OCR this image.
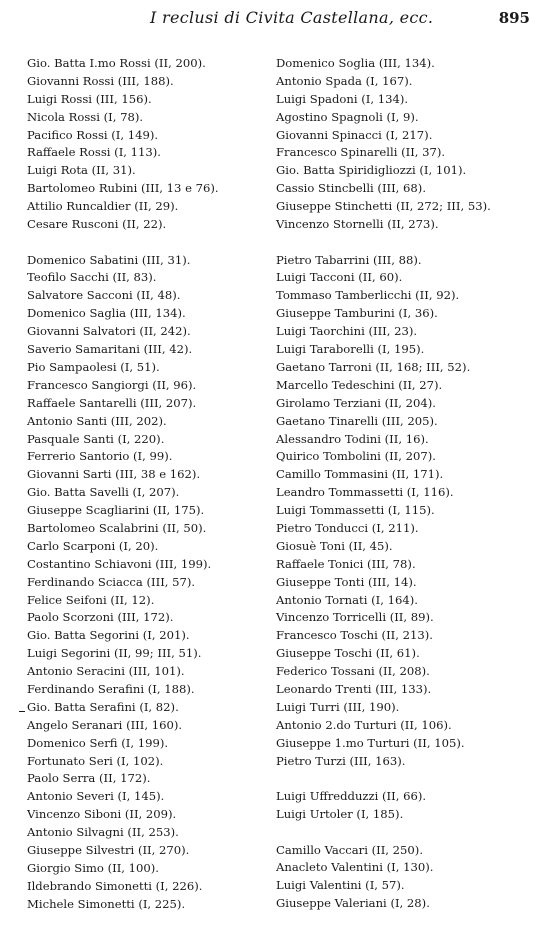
I reclusi di Civita Castellana, ecc.	895
Gio. Batta I.mo Rossi (II, 200).
Giovanni Rossi (III, 188).
Luigi Rossi (III, 156).
Nicola Rossi (I, 78).
Pacifico Rossi (I, 149).
Raffaele Rossi (I, 113).
Luigi Rota (II, 31).
Bartolomeo Rubini (III, 13 e 76).
Attilio Runcaldier (II, 29).
Cesare Rusconi (II, 22).
Domenico Sabatini (III, 31).
Teofilo Sacchi (II, 83).
Salvatore Sacconi (II, 48).
Domenico Saglia (III, 134).
Giovanni Salvatori (II, 242).
Saverio Samaritani (III, 42).
Pio Sampaolesi (I, 51).
Francesco Sangiorgi (II, 96).
Raffaele Santarelli (III, 207).
Antonio Santi (III, 202).
Pasquale Santi (I, 220).
Ferrerio Santorio (I, 99).
Giovanni Sarti (III, 38 e 162).
Gio. Batta Savelli (I, 207).
Giuseppe Scagliarini (II, 175).
Bartolomeo Scalabrini (II, 50).
Carlo Scarponi (I, 20).
Costantino Schiavoni (III, 199).
Ferdinando Sciacca (III, 57).
Felice Seifoni (II, 12).
Paolo Scorzoni (III, 172).
Gio. Batta Segorini (I, 201).
Luigi Segorini (II, 99; III, 51).
Antonio Seracini (III, 101).
Ferdinando Serafini (I, 188).
Gio. Batta Serafini (I, 82).
Angelo Seranari (III, 160).
Domenico Serfi (I, 199).
Fortunato Seri (I, 102).
Paolo Serra (II, 172).
Antonio Severi (I, 145).
Vincenzo Siboni (II, 209).
Antonio Silvagni (II, 253).
Giuseppe Silvestri (II, 270).
Giorgio Simo (II, 100).
Ildebrando Simonetti (I, 226).
Michele Simonetti (I, 225).
Domenico Soglia (III, 134).
Antonio Spada (I, 167).
Luigi Spadoni (I, 134).
Agostino Spagnoli (I, 9).
Giovanni Spinacci (I, 217).
Francesco Spinarelli (II, 37).
Gio. Batta Spiridigliozzi (I, 101).
Cassio Stincbelli (III, 68).
Giuseppe Stinchetti (II, 272; III, 53).
Vincenzo Stornelli (II, 273).
Pietro Tabarrini (III, 88).
Luigi Tacconi (II, 60).
Tommaso Tamberlicchi (II, 92).
Giuseppe Tamburini (I, 36).
Luigi Taorchini (III, 23).
Luigi Taraborelli (I, 195).
Gaetano Tarroni (II, 168; III, 52).
Marcello Tedeschini (II, 27).
Girolamo Terziani (II, 204).
Gaetano Tinarelli (III, 205).
Alessandro Todini (II, 16).
Quirico Tombolini (II, 207).
Camillo Tommasini (II, 171).
Leandro Tommassetti (I, 116).
Luigi Tommassetti (I, 115).
Pietro Tonducci (I, 211).
Giosuè Toni (II, 45).
Raffaele Tonici (III, 78).
Giuseppe Tonti (III, 14).
Antonio Tornati (I, 164).
Vincenzo Torricelli (II, 89).
Francesco Toschi (II, 213).
Giuseppe Toschi (II, 61).
Federico Tossani (II, 208).
Leonardo Trenti (III, 133).
Luigi Turri (III, 190).
Antonio 2.do Turturi (II, 106).
Giuseppe 1.mo Turturi (II, 105).
Pietro Turzi (III, 163).
Luigi Uffredduzzi (II, 66).
Luigi Urtoler (I, 185).
Camillo Vaccari (II, 250).
Anacleto Valentini (I, 130).
Luigi Valentini (I, 57).
Giuseppe Valeriani (I, 28).
